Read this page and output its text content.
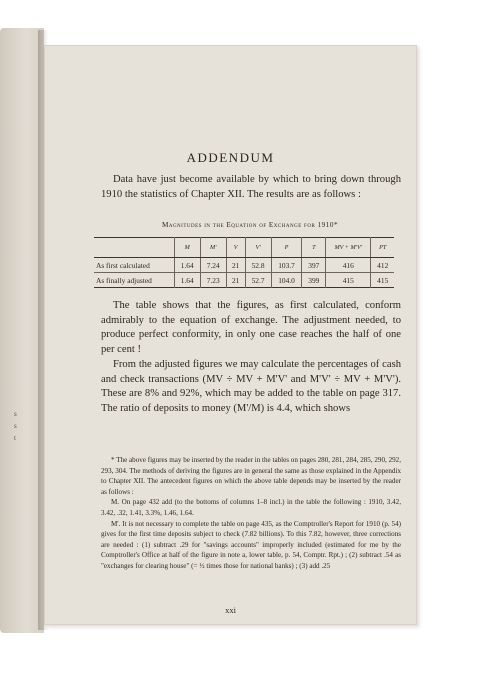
s s t
ADDENDUM
Data have just become available by which to bring down through 1910 the statistics of Chapter XII. The results are as follows :
Magnitudes in the Equation of Exchange for 1910*
	M	M'	V	V'	P	T	MV + M'V'	PT
As first calculated	1.64	7.24	21	52.8	103.7	397	416	412
As finally adjusted	1.64	7.23	21	52.7	104.0	399	415	415
The table shows that the figures, as first calculated, conform admirably to the equation of exchange. The adjustment needed, to produce perfect conformity, in only one case reaches the half of one per cent !
From the adjusted figures we may calculate the percentages of cash and check transactions (MV ÷ MV + M'V' and M'V' ÷ MV + M'V'). These are 8% and 92%, which may be added to the table on page 317. The ratio of deposits to money (M'/M) is 4.4, which shows

* The above figures may be inserted by the reader in the tables on pages 280, 281, 284, 285, 290, 292, 293, 304. The methods of deriving the figures are in general the same as those explained in the Appendix to Chapter XII. The antecedent figures on which the above table depends may be inserted by the reader as follows :

M. On page 432 add (to the bottoms of columns 1–8 incl.) in the table the following : 1910, 3.42, 3.42, .32, 1.41, 3.3%, 1.46, 1.64.

M'. It is not necessary to complete the table on page 435, as the Comptroller's Report for 1910 (p. 54) gives for the first time deposits subject to check (7.82 billions). To this 7.82, however, three corrections are needed : (1) subtract .29 for "savings accounts" improperly included (estimated for me by the Comptroller's Office at half of the figure in note a, lower table, p. 54, Comptr. Rpt.) ; (2) subtract .54 as "exchanges for clearing house" (= ½ times those for national banks) ; (3) add .25

xxi
